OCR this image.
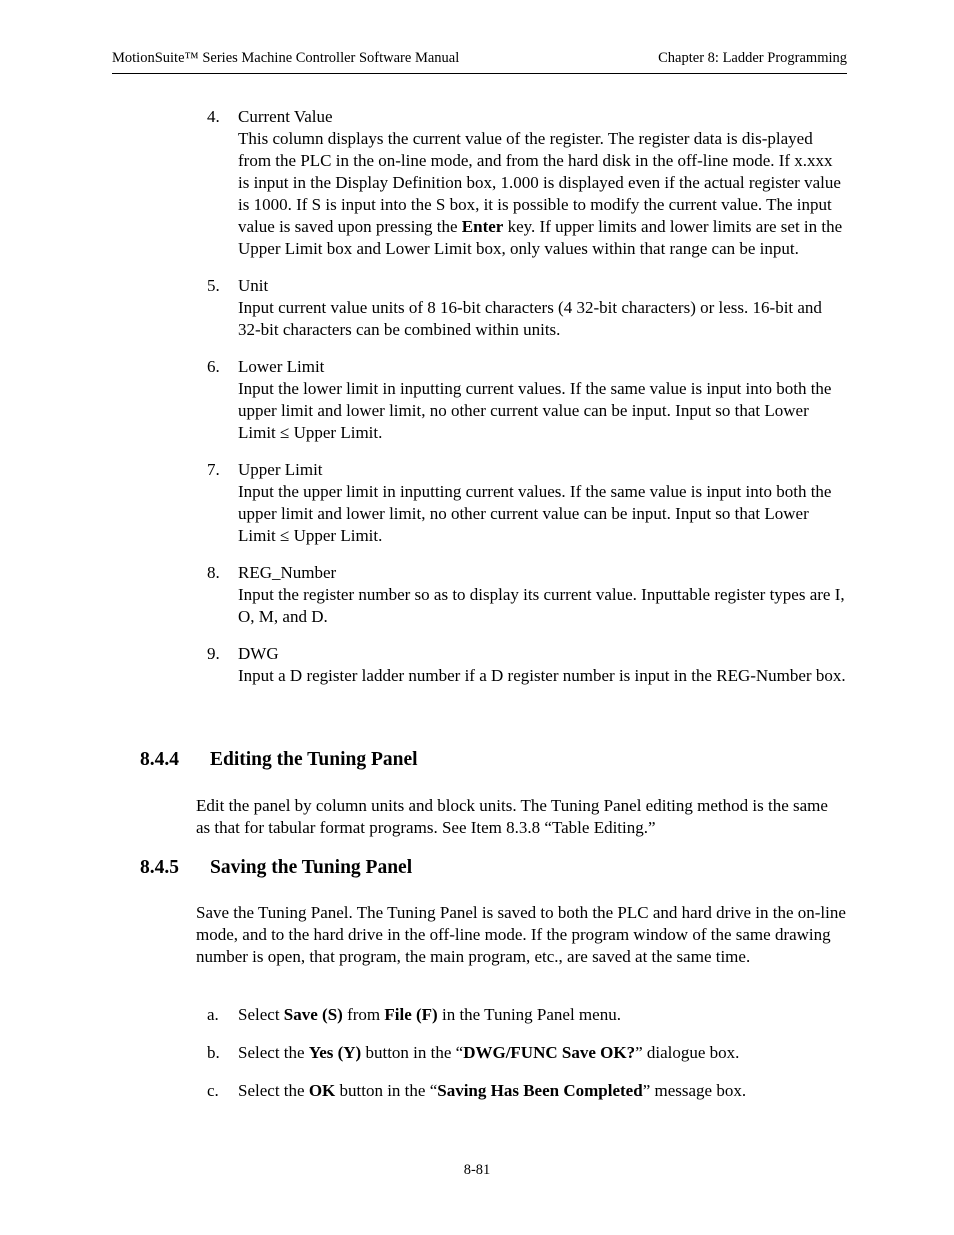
MotionSuite™ Series Machine Controller Software Manual	Chapter 8: Ladder Programming
4.	Current Value
This column displays the current value of the register. The register data is dis-played from the PLC in the on-line mode, and from the hard disk in the off-line mode. If x.xxx is input in the Display Definition box, 1.000 is displayed even if the actual register value is 1000. If S is input into the S box, it is possible to modify the current value. The input value is saved upon pressing the Enter key. If upper limits and lower limits are set in the Upper Limit box and Lower Limit box, only values within that range can be input.
5.	Unit
Input current value units of 8 16-bit characters (4 32-bit characters) or less. 16-bit and 32-bit characters can be combined within units.
6.	Lower Limit
Input the lower limit in inputting current values. If the same value is input into both the upper limit and lower limit, no other current value can be input. Input so that Lower Limit ≤ Upper Limit.
7.	Upper Limit
Input the upper limit in inputting current values. If the same value is input into both the upper limit and lower limit, no other current value can be input. Input so that Lower Limit ≤ Upper Limit.
8.	REG_Number
Input the register number so as to display its current value. Inputtable register types are I, O, M, and D.
9.	DWG
Input a D register ladder number if a D register number is input in the REG-Number box.
8.4.4 Editing the Tuning Panel
Edit the panel by column units and block units. The Tuning Panel editing method is the same as that for tabular format programs. See Item 8.3.8 “Table Editing.”
8.4.5 Saving the Tuning Panel
Save the Tuning Panel. The Tuning Panel is saved to both the PLC and hard drive in the on-line mode, and to the hard drive in the off-line mode. If the program window of the same drawing number is open, that program, the main program, etc., are saved at the same time.
a.	Select Save (S) from File (F) in the Tuning Panel menu.
b.	Select the Yes (Y) button in the “DWG/FUNC Save OK?” dialogue box.
c.	Select the OK button in the “Saving Has Been Completed” message box.
8-81
